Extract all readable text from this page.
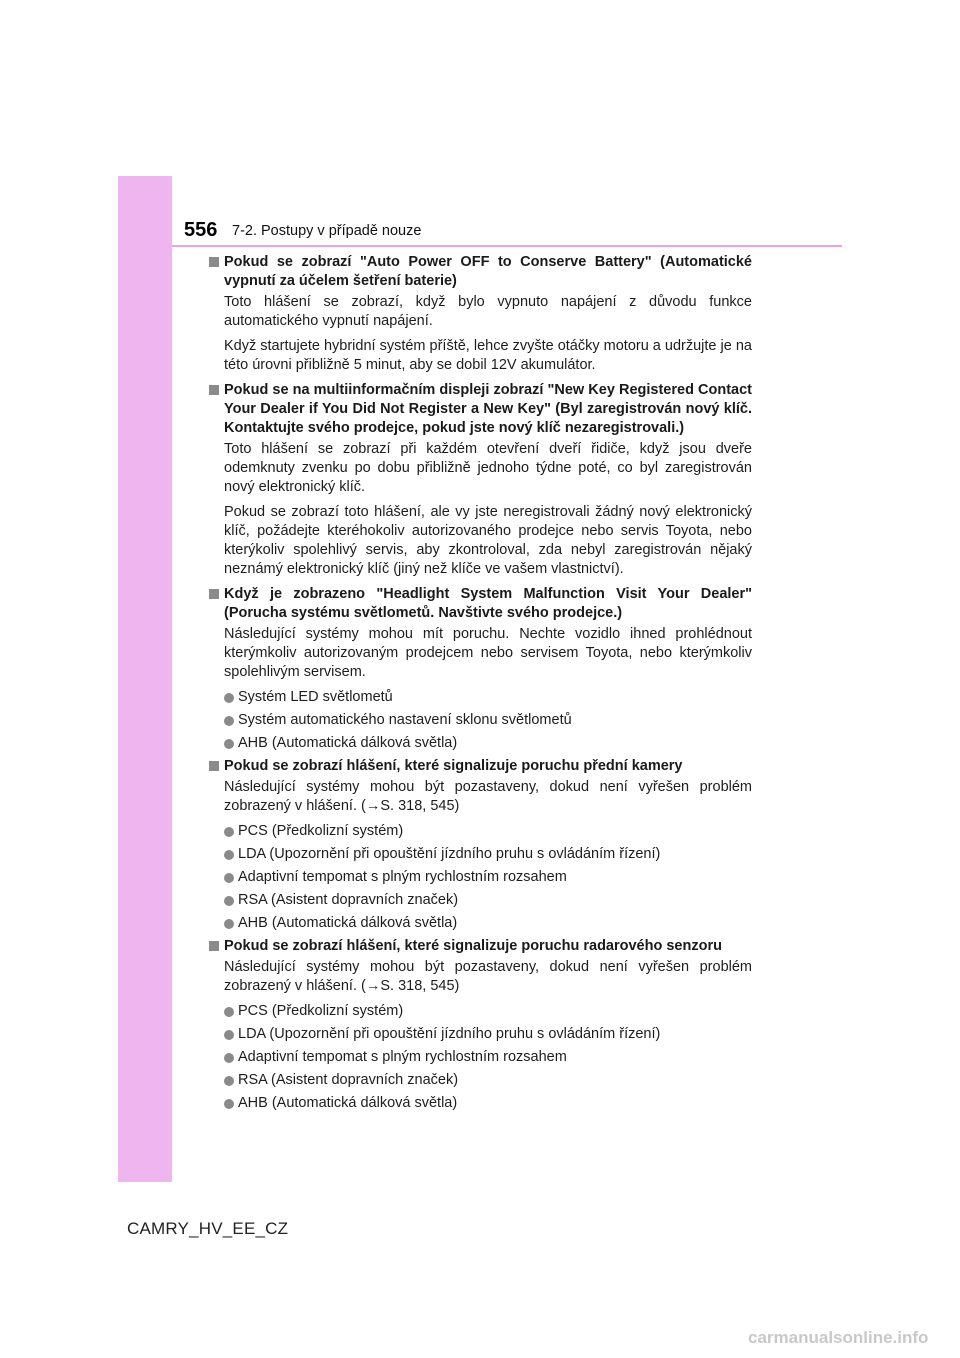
556 7-2. Postupy v případě nouze
Pokud se zobrazí "Auto Power OFF to Conserve Battery" (Automatické vypnutí za účelem šetření baterie)
Toto hlášení se zobrazí, když bylo vypnuto napájení z důvodu funkce automatického vypnutí napájení.
Když startujete hybridní systém příště, lehce zvyšte otáčky motoru a udržujte je na této úrovni přibližně 5 minut, aby se dobil 12V akumulátor.
Pokud se na multiinformačním displeji zobrazí "New Key Registered Contact Your Dealer if You Did Not Register a New Key" (Byl zaregistrován nový klíč. Kontaktujte svého prodejce, pokud jste nový klíč nezaregistrovali.)
Toto hlášení se zobrazí při každém otevření dveří řidiče, když jsou dveře odemknuty zvenku po dobu přibližně jednoho týdne poté, co byl zaregistrován nový elektronický klíč.
Pokud se zobrazí toto hlášení, ale vy jste neregistrovali žádný nový elektronický klíč, požádejte kteréhokoliv autorizovaného prodejce nebo servis Toyota, nebo kterýkoliv spolehlivý servis, aby zkontroloval, zda nebyl zaregistrován nějaký neznámý elektronický klíč (jiný než klíče ve vašem vlastnictví).
Když je zobrazeno "Headlight System Malfunction Visit Your Dealer" (Porucha systému světlometů. Navštivte svého prodejce.)
Následující systémy mohou mít poruchu. Nechte vozidlo ihned prohlédnout kterýmkoliv autorizovaným prodejcem nebo servisem Toyota, nebo kterýmkoliv spolehlivým servisem.
Systém LED světlometů
Systém automatického nastavení sklonu světlometů
AHB (Automatická dálková světla)
Pokud se zobrazí hlášení, které signalizuje poruchu přední kamery
Následující systémy mohou být pozastaveny, dokud není vyřešen problém zobrazený v hlášení. (→S. 318, 545)
PCS (Předkolizní systém)
LDA (Upozornění při opouštění jízdního pruhu s ovládáním řízení)
Adaptivní tempomat s plným rychlostním rozsahem
RSA (Asistent dopravních značek)
AHB (Automatická dálková světla)
Pokud se zobrazí hlášení, které signalizuje poruchu radarového senzoru
Následující systémy mohou být pozastaveny, dokud není vyřešen problém zobrazený v hlášení. (→S. 318, 545)
PCS (Předkolizní systém)
LDA (Upozornění při opouštění jízdního pruhu s ovládáním řízení)
Adaptivní tempomat s plným rychlostním rozsahem
RSA (Asistent dopravních značek)
AHB (Automatická dálková světla)
CAMRY_HV_EE_CZ
carmanualsonline.info
